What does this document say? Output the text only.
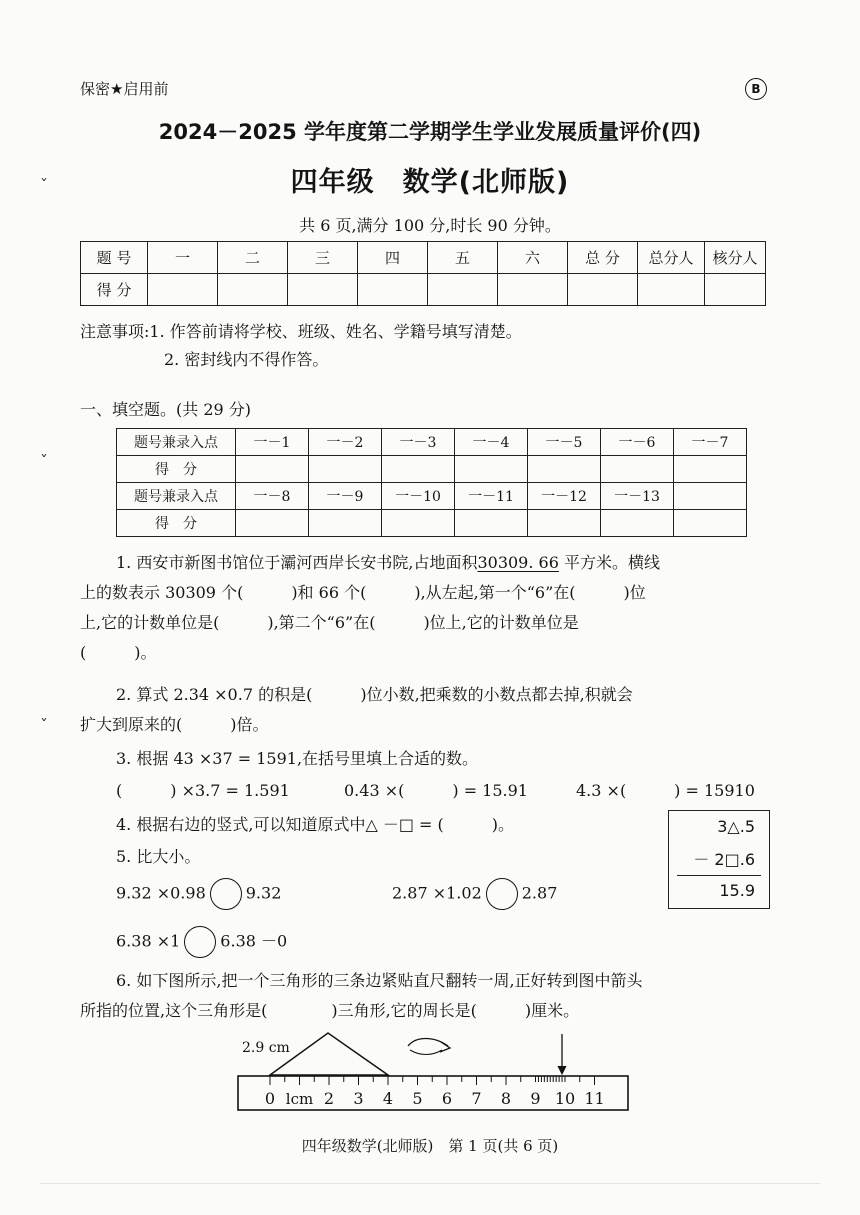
保密★启用前	B
2024－2025 学年度第二学期学生学业发展质量评价(四)
四年级　数学(北师版)
共 6 页,满分 100 分,时长 90 分钟。
ˇ
ˇ
ˇ
题 号	一	二	三	四	五	六	总 分	总分人	核分人
得 分									
注意事项:1. 作答前请将学校、班级、姓名、学籍号填写清楚。
2. 密封线内不得作答。
一、填空题。(共 29 分)
题号兼录入点	一－1	一－2	一－3	一－4	一－5	一－6	一－7
得　分							
题号兼录入点	一－8	一－9	一－10	一－11	一－12	一－13	
得　分							
1. 西安市新图书馆位于灞河西岸长安书院,占地面积30309. 66 平方米。横线
上的数表示 30309 个(　　　)和 66 个(　　　),从左起,第一个“6”在(　　　)位
上,它的计数单位是(　　　),第二个“6”在(　　　)位上,它的计数单位是
(　　　)。
2. 算式 2.34 ×0.7 的积是(　　　)位小数,把乘数的小数点都去掉,积就会
扩大到原来的(　　　)倍。
3. 根据 43 ×37 = 1591,在括号里填上合适的数。
(　　　) ×3.7 = 1.591	0.43 ×(　　　) = 15.91	4.3 ×(　　　) = 15910
4. 根据右边的竖式,可以知道原式中△ －□ = (　　　)。	3△.5
－ 2□.6
15.9
5. 比大小。
9.32 ×0.98	9.32	2.87 ×1.02	2.87
6.38 ×1	6.38 －0
6. 如下图所示,把一个三角形的三条边紧贴直尺翻转一周,正好转到图中箭头
所指的位置,这个三角形是(　　　　)三角形,它的周长是(　　　)厘米。
2.9 cm
0	2 3 4 5 6 7 8 9 10 11
lcm
四年级数学(北师版)　第 1 页(共 6 页)
